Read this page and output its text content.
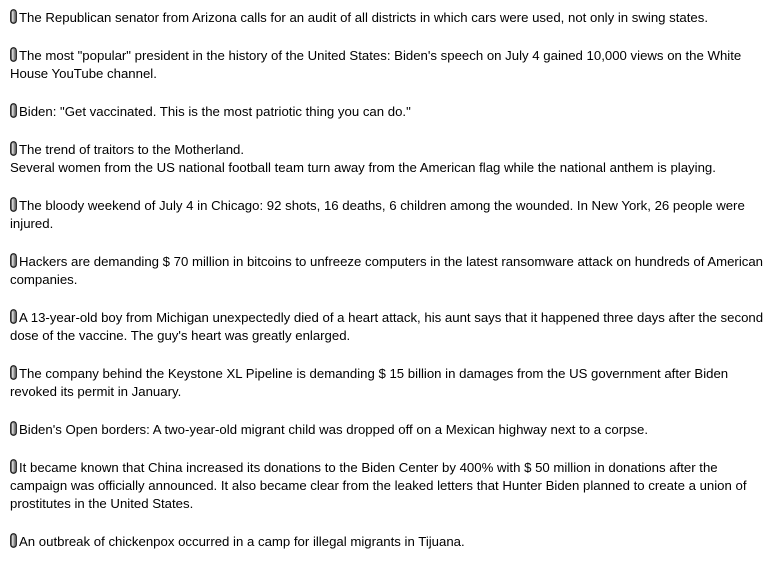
The Republican senator from Arizona calls for an audit of all districts in which cars were used, not only in swing states.
The most "popular" president in the history of the United States: Biden's speech on July 4 gained 10,000 views on the White House YouTube channel.
Biden: "Get vaccinated. This is the most patriotic thing you can do."
The trend of traitors to the Motherland.
Several women from the US national football team turn away from the American flag while the national anthem is playing.
The bloody weekend of July 4 in Chicago: 92 shots, 16 deaths, 6 children among the wounded. In New York, 26 people were injured.
Hackers are demanding $ 70 million in bitcoins to unfreeze computers in the latest ransomware attack on hundreds of American companies.
A 13-year-old boy from Michigan unexpectedly died of a heart attack, his aunt says that it happened three days after the second dose of the vaccine. The guy's heart was greatly enlarged.
The company behind the Keystone XL Pipeline is demanding $ 15 billion in damages from the US government after Biden revoked its permit in January.
Biden's Open borders: A two-year-old migrant child was dropped off on a Mexican highway next to a corpse.
It became known that China increased its donations to the Biden Center by 400% with $ 50 million in donations after the campaign was officially announced. It also became clear from the leaked letters that Hunter Biden planned to create a union of prostitutes in the United States.
An outbreak of chickenpox occurred in a camp for illegal migrants in Tijuana.
